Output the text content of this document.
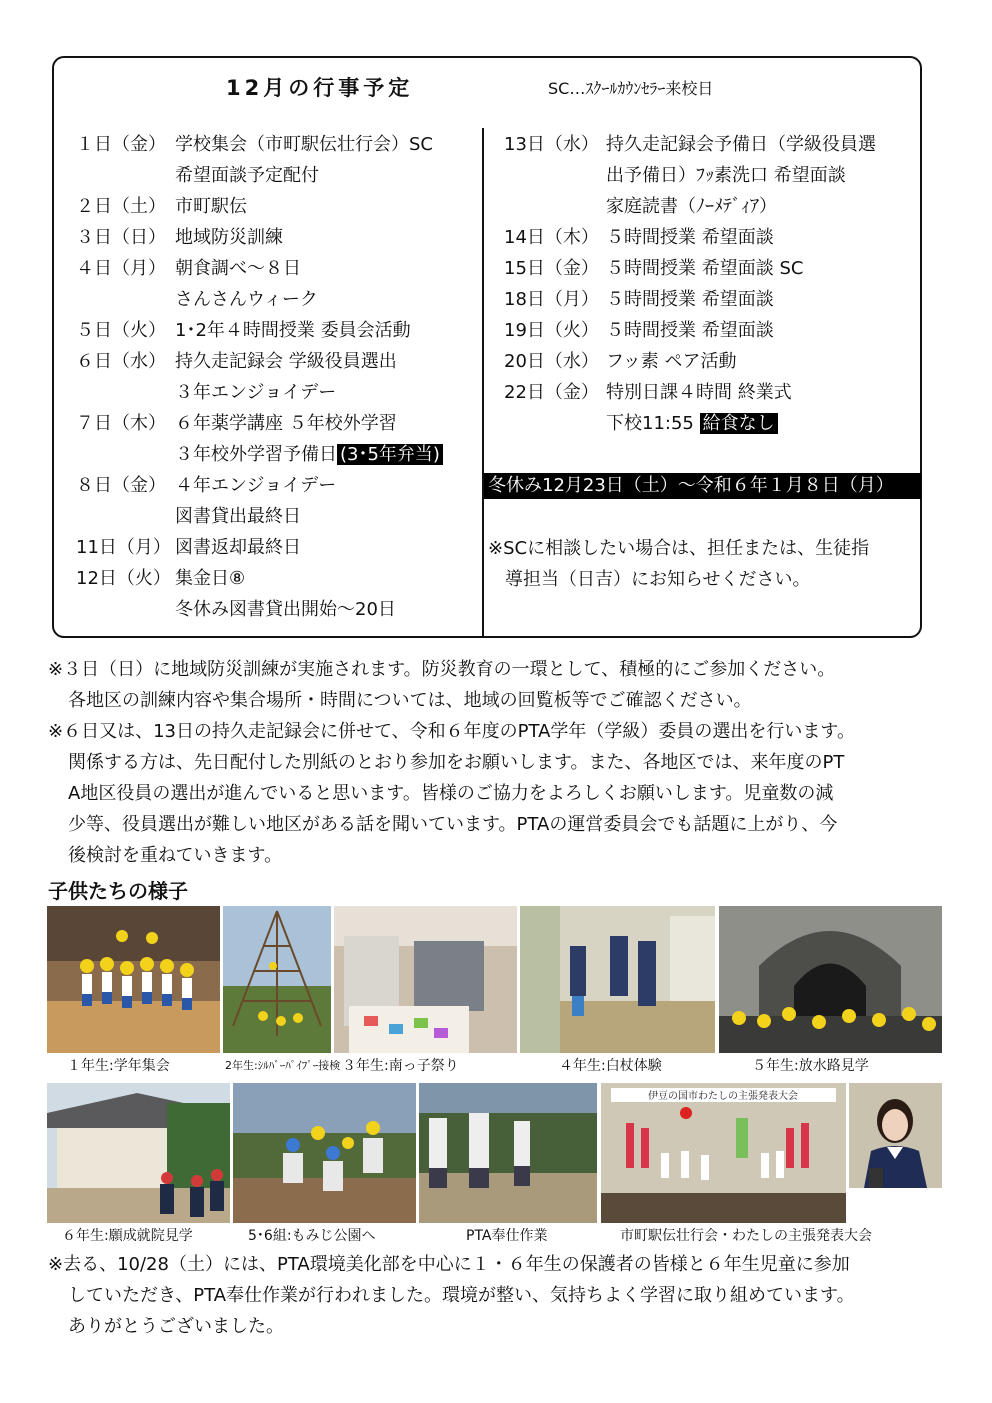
12月の行事予定	SC…ｽｸｰﾙｶｳﾝｾﾗｰ来校日
１日（金） 学校集会（市町駅伝壮行会）SC
希望面談予定配付
２日（土） 市町駅伝
３日（日） 地域防災訓練
４日（月） 朝食調べ～８日
さんさんウィーク
５日（火） 1･2年４時間授業 委員会活動
６日（水） 持久走記録会 学級役員選出
３年エンジョイデー
７日（木） ６年薬学講座 ５年校外学習
３年校外学習予備日 (3･5年弁当)
８日（金） ４年エンジョイデー
図書貸出最終日
11日（月） 図書返却最終日
12日（火） 集金日⑧
冬休み図書貸出開始～20日
13日（水） 持久走記録会予備日（学級役員選
出予備日）ﾌｯ素洗口 希望面談
家庭読書（ﾉｰﾒﾃﾞｨｱ）
14日（木） ５時間授業 希望面談
15日（金） ５時間授業 希望面談 SC
18日（月） ５時間授業 希望面談
19日（火） ５時間授業 希望面談
20日（水） フッ素 ペア活動
22日（金） 特別日課４時間 終業式
下校11:55 給食なし
冬休み12月23日（土）～令和６年１月８日（月）
※SCに相談したい場合は、担任または、生徒指
導担当（日吉）にお知らせください。
※３日（日）に地域防災訓練が実施されます。防災教育の一環として、積極的にご参加ください。
各地区の訓練内容や集合場所・時間については、地域の回覧板等でご確認ください。
※６日又は、13日の持久走記録会に併せて、令和６年度のPTA学年（学級）委員の選出を行います。
関係する方は、先日配付した別紙のとおり参加をお願いします。また、各地区では、来年度のPT
A地区役員の選出が進んでいると思います。皆様のご協力をよろしくお願いします。児童数の減
少等、役員選出が難しい地区がある話を聞いています。PTAの運営委員会でも話題に上がり、今
後検討を重ねていきます。
子供たちの様子
１年生:学年集会	2年生:ｼﾙﾊﾞｰﾊﾟｲﾌﾟｰ接検 ３年生:南っ子祭り	４年生:白杖体験	５年生:放水路見学
伊豆の国市わたしの主張発表大会
６年生:願成就院見学	5･6組:もみじ公園へ	PTA奉仕作業	市町駅伝壮行会・わたしの主張発表大会
※去る、10/28（土）には、PTA環境美化部を中心に１・６年生の保護者の皆様と６年生児童に参加
していただき、PTA奉仕作業が行われました。環境が整い、気持ちよく学習に取り組めています。
ありがとうございました。
